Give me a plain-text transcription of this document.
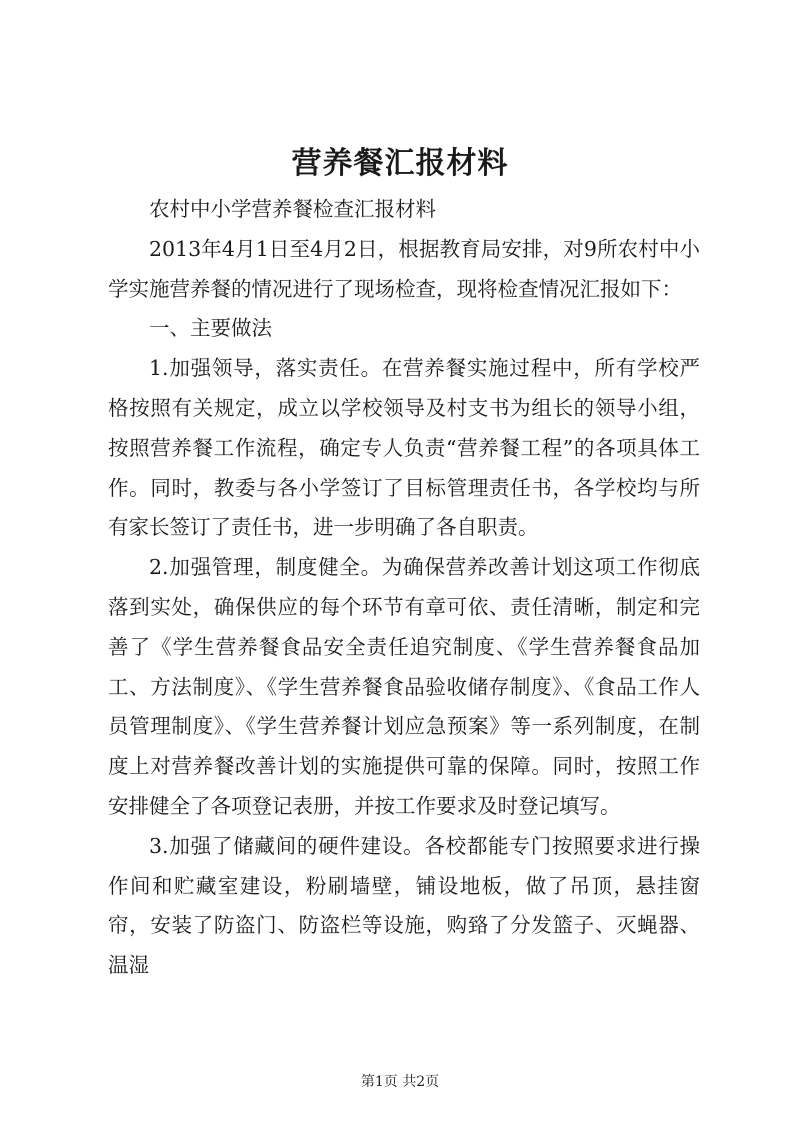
营养餐汇报材料

农村中小学营养餐检查汇报材料

2013年4月1日至4月2日，根据教育局安排，对9所农村中小学实施营养餐的情况进行了现场检查，现将检查情况汇报如下：

一、主要做法

1.加强领导，落实责任。在营养餐实施过程中，所有学校严格按照有关规定，成立以学校领导及村支书为组长的领导小组，按照营养餐工作流程，确定专人负责“营养餐工程”的各项具体工作。同时，教委与各小学签订了目标管理责任书，各学校均与所有家长签订了责任书，进一步明确了各自职责。

2.加强管理，制度健全。为确保营养改善计划这项工作彻底落到实处，确保供应的每个环节有章可依、责任清晰，制定和完善了《学生营养餐食品安全责任追究制度、《学生营养餐食品加工、方法制度》、《学生营养餐食品验收储存制度》、《食品工作人员管理制度》、《学生营养餐计划应急预案》等一系列制度，在制度上对营养餐改善计划的实施提供可靠的保障。同时，按照工作安排健全了各项登记表册，并按工作要求及时登记填写。

3.加强了储藏间的硬件建设。各校都能专门按照要求进行操作间和贮藏室建设，粉刷墙壁，铺设地板，做了吊顶，悬挂窗帘，安装了防盗门、防盗栏等设施，购臵了分发篮子、灭蝇器、温湿

第1页 共2页
